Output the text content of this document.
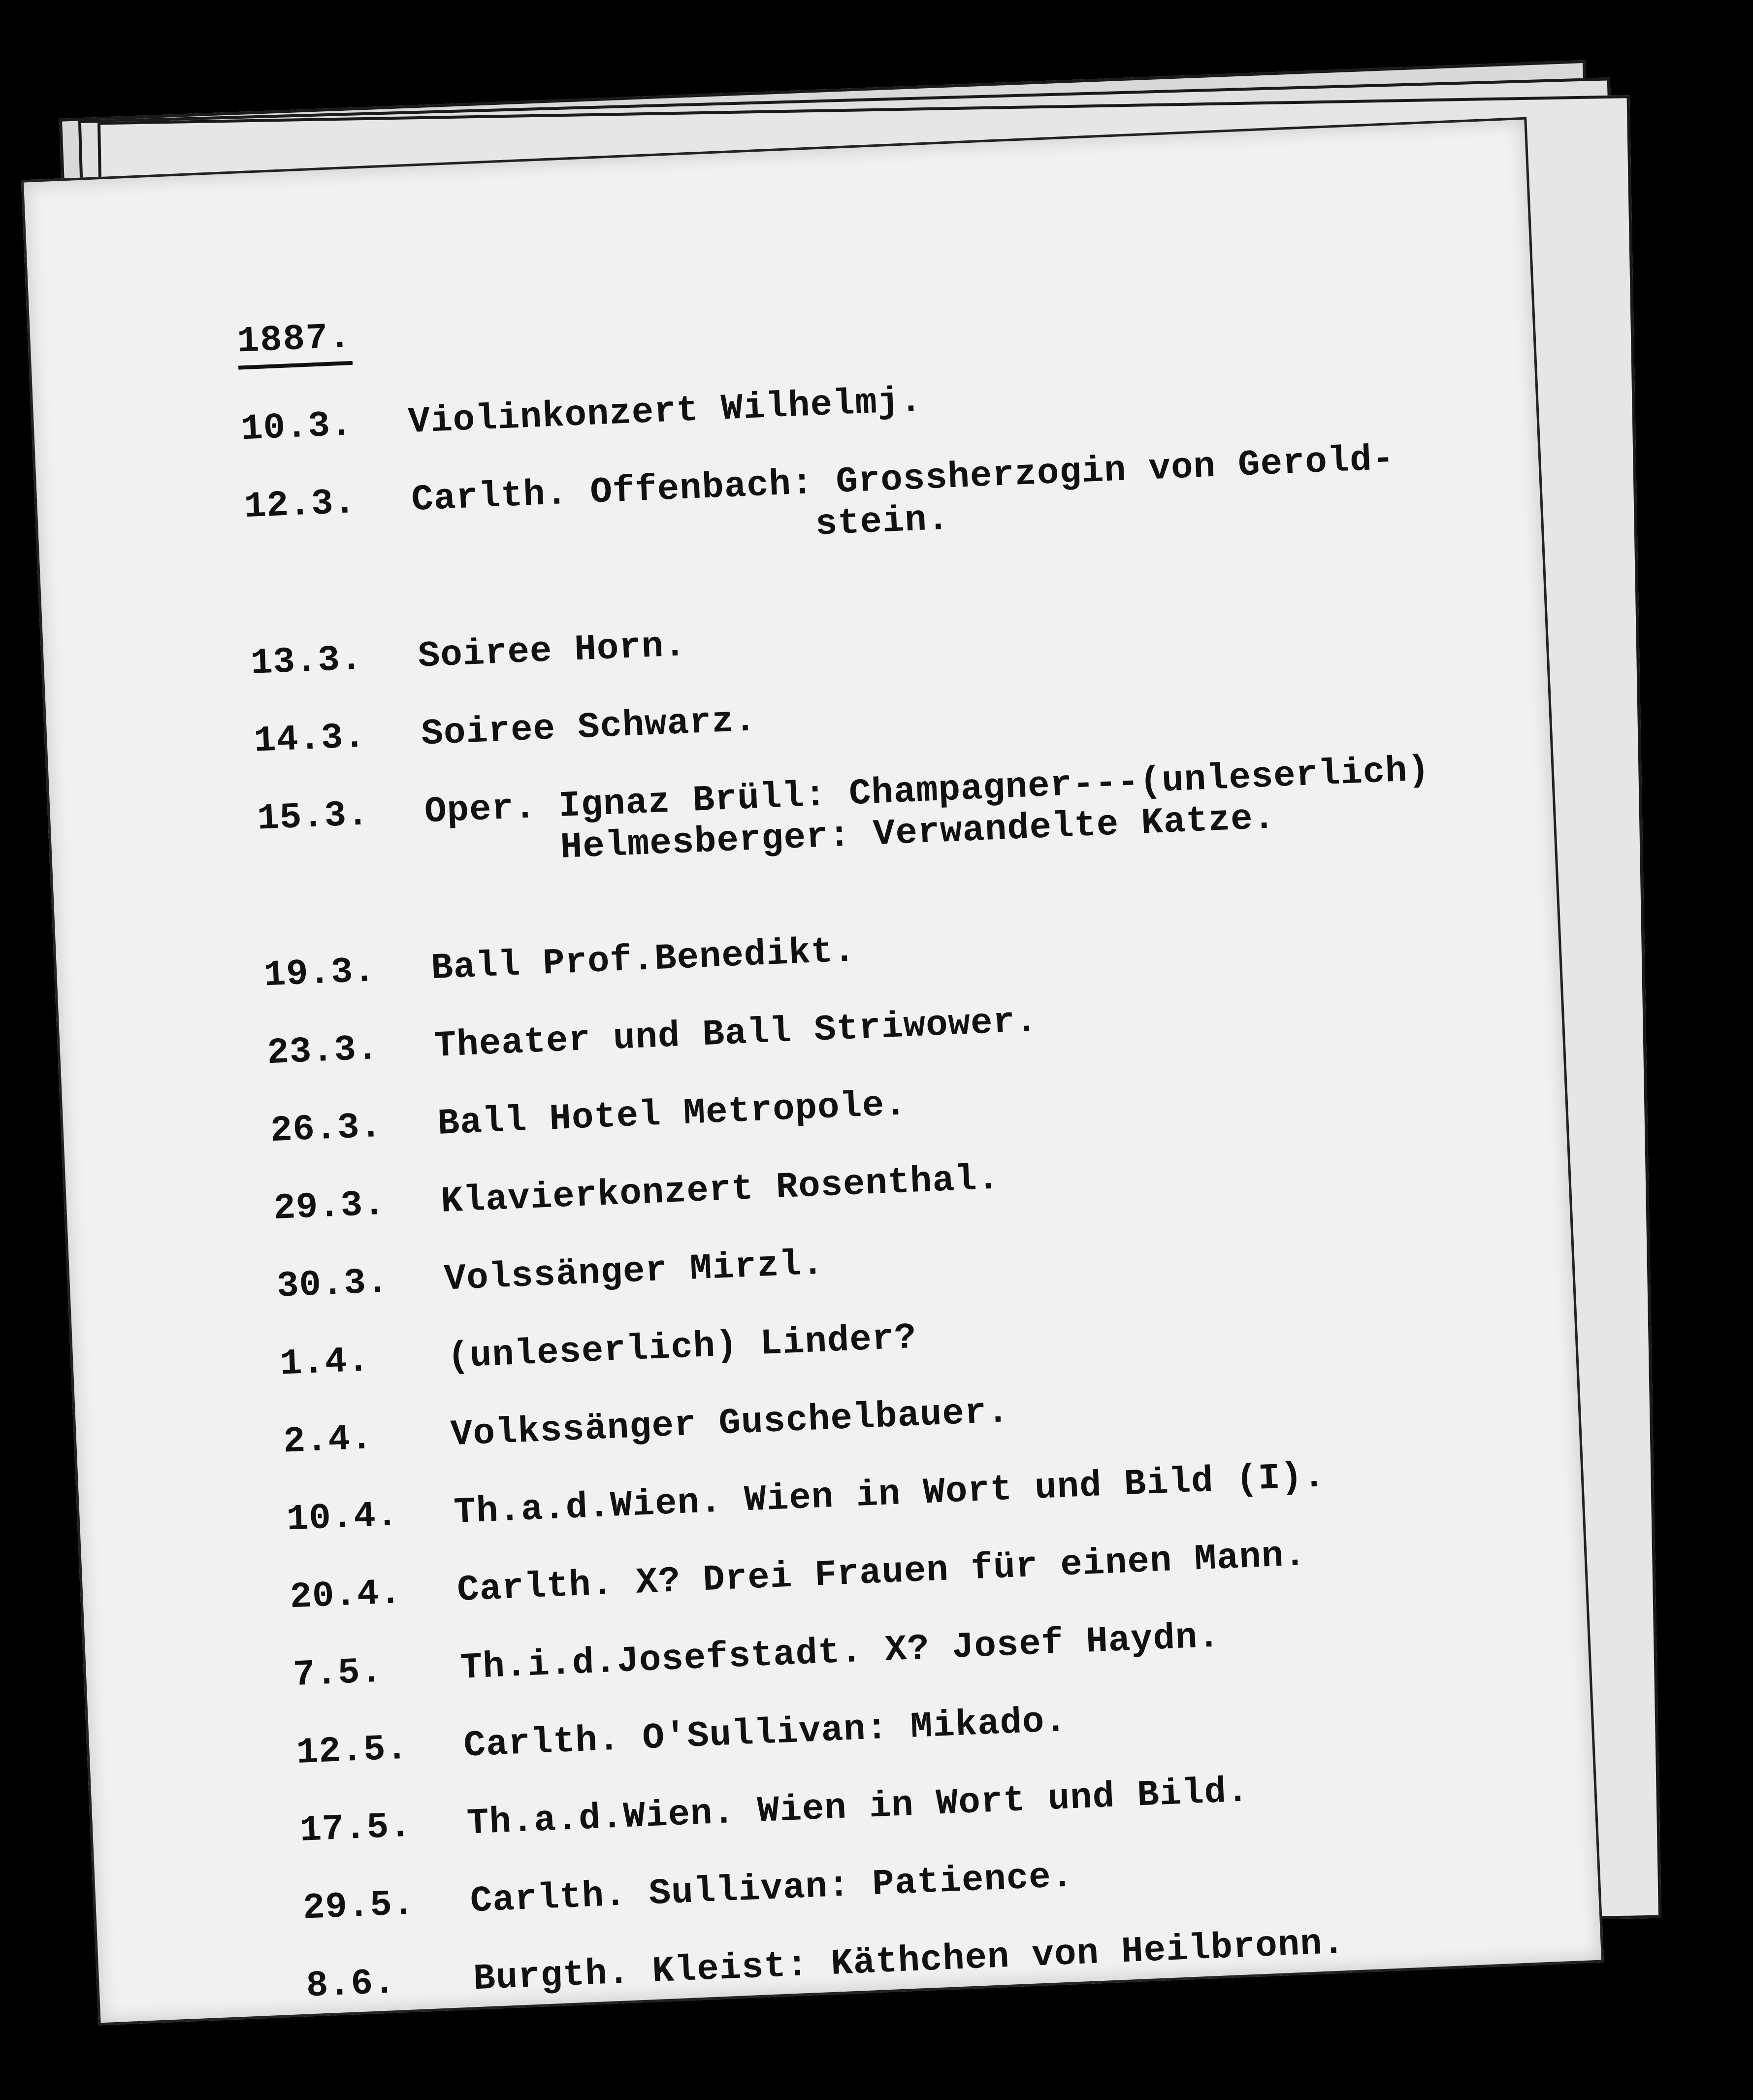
1887.
10.3.	Violinkonzert Wilhelmj.
12.3.	Carlth. Offenbach: Grossherzogin von Gerold-
stein.
13.3.	Soiree Horn.
14.3.	Soiree Schwarz.
15.3.	Oper. Ignaz Brüll: Champagner---(unleserlich)
Helmesberger: Verwandelte Katze.
19.3.	Ball Prof.Benedikt.
23.3.	Theater und Ball Striwower.
26.3.	Ball Hotel Metropole.
29.3.	Klavierkonzert Rosenthal.
30.3.	Volssänger Mirzl.
1.4.	(unleserlich) Linder?
2.4.	Volkssänger Guschelbauer.
10.4.	Th.a.d.Wien. Wien in Wort und Bild (I).
20.4.	Carlth. X? Drei Frauen für einen Mann.
7.5.	Th.i.d.Josefstadt. X? Josef Haydn.
12.5.	Carlth. O'Sullivan: Mikado.
17.5.	Th.a.d.Wien. Wien in Wort und Bild.
29.5.	Carlth. Sullivan: Patience.
8.6.	Burgth. Kleist: Käthchen von Heilbronn.
